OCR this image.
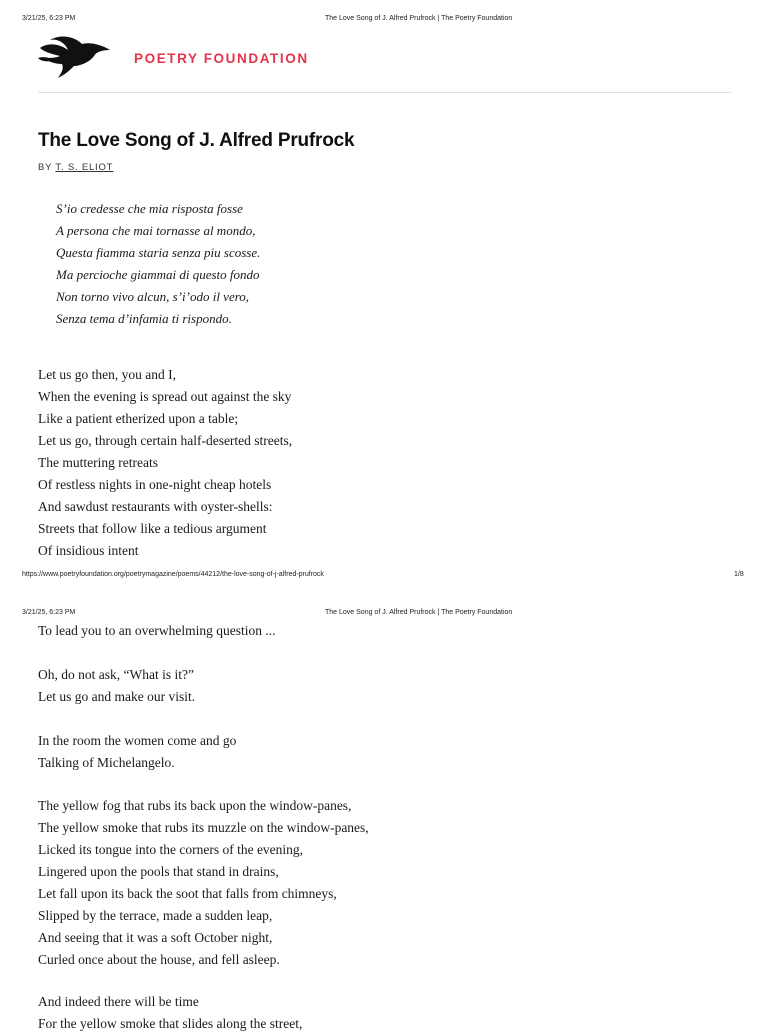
3/21/25, 6:23 PM	The Love Song of J. Alfred Prufrock | The Poetry Foundation
POETRY FOUNDATION
The Love Song of J. Alfred Prufrock
BY T. S. ELIOT
S’io credesse che mia risposta fosse
A persona che mai tornasse al mondo,
Questa fiamma staria senza piu scosse.
Ma percioche giammai di questo fondo
Non torno vivo alcun, s’i’odo il vero,
Senza tema d’infamia ti rispondo.
Let us go then, you and I,
When the evening is spread out against the sky
Like a patient etherized upon a table;
Let us go, through certain half-deserted streets,
The muttering retreats
Of restless nights in one-night cheap hotels
And sawdust restaurants with oyster-shells:
Streets that follow like a tedious argument
Of insidious intent
https://www.poetryfoundation.org/poetrymagazine/poems/44212/the-love-song-of-j-alfred-prufrock	1/8
3/21/25, 6:23 PM	The Love Song of J. Alfred Prufrock | The Poetry Foundation
To lead you to an overwhelming question ...
Oh, do not ask, “What is it?”
Let us go and make our visit.
In the room the women come and go
Talking of Michelangelo.
The yellow fog that rubs its back upon the window-panes,
The yellow smoke that rubs its muzzle on the window-panes,
Licked its tongue into the corners of the evening,
Lingered upon the pools that stand in drains,
Let fall upon its back the soot that falls from chimneys,
Slipped by the terrace, made a sudden leap,
And seeing that it was a soft October night,
Curled once about the house, and fell asleep.
And indeed there will be time
For the yellow smoke that slides along the street,
